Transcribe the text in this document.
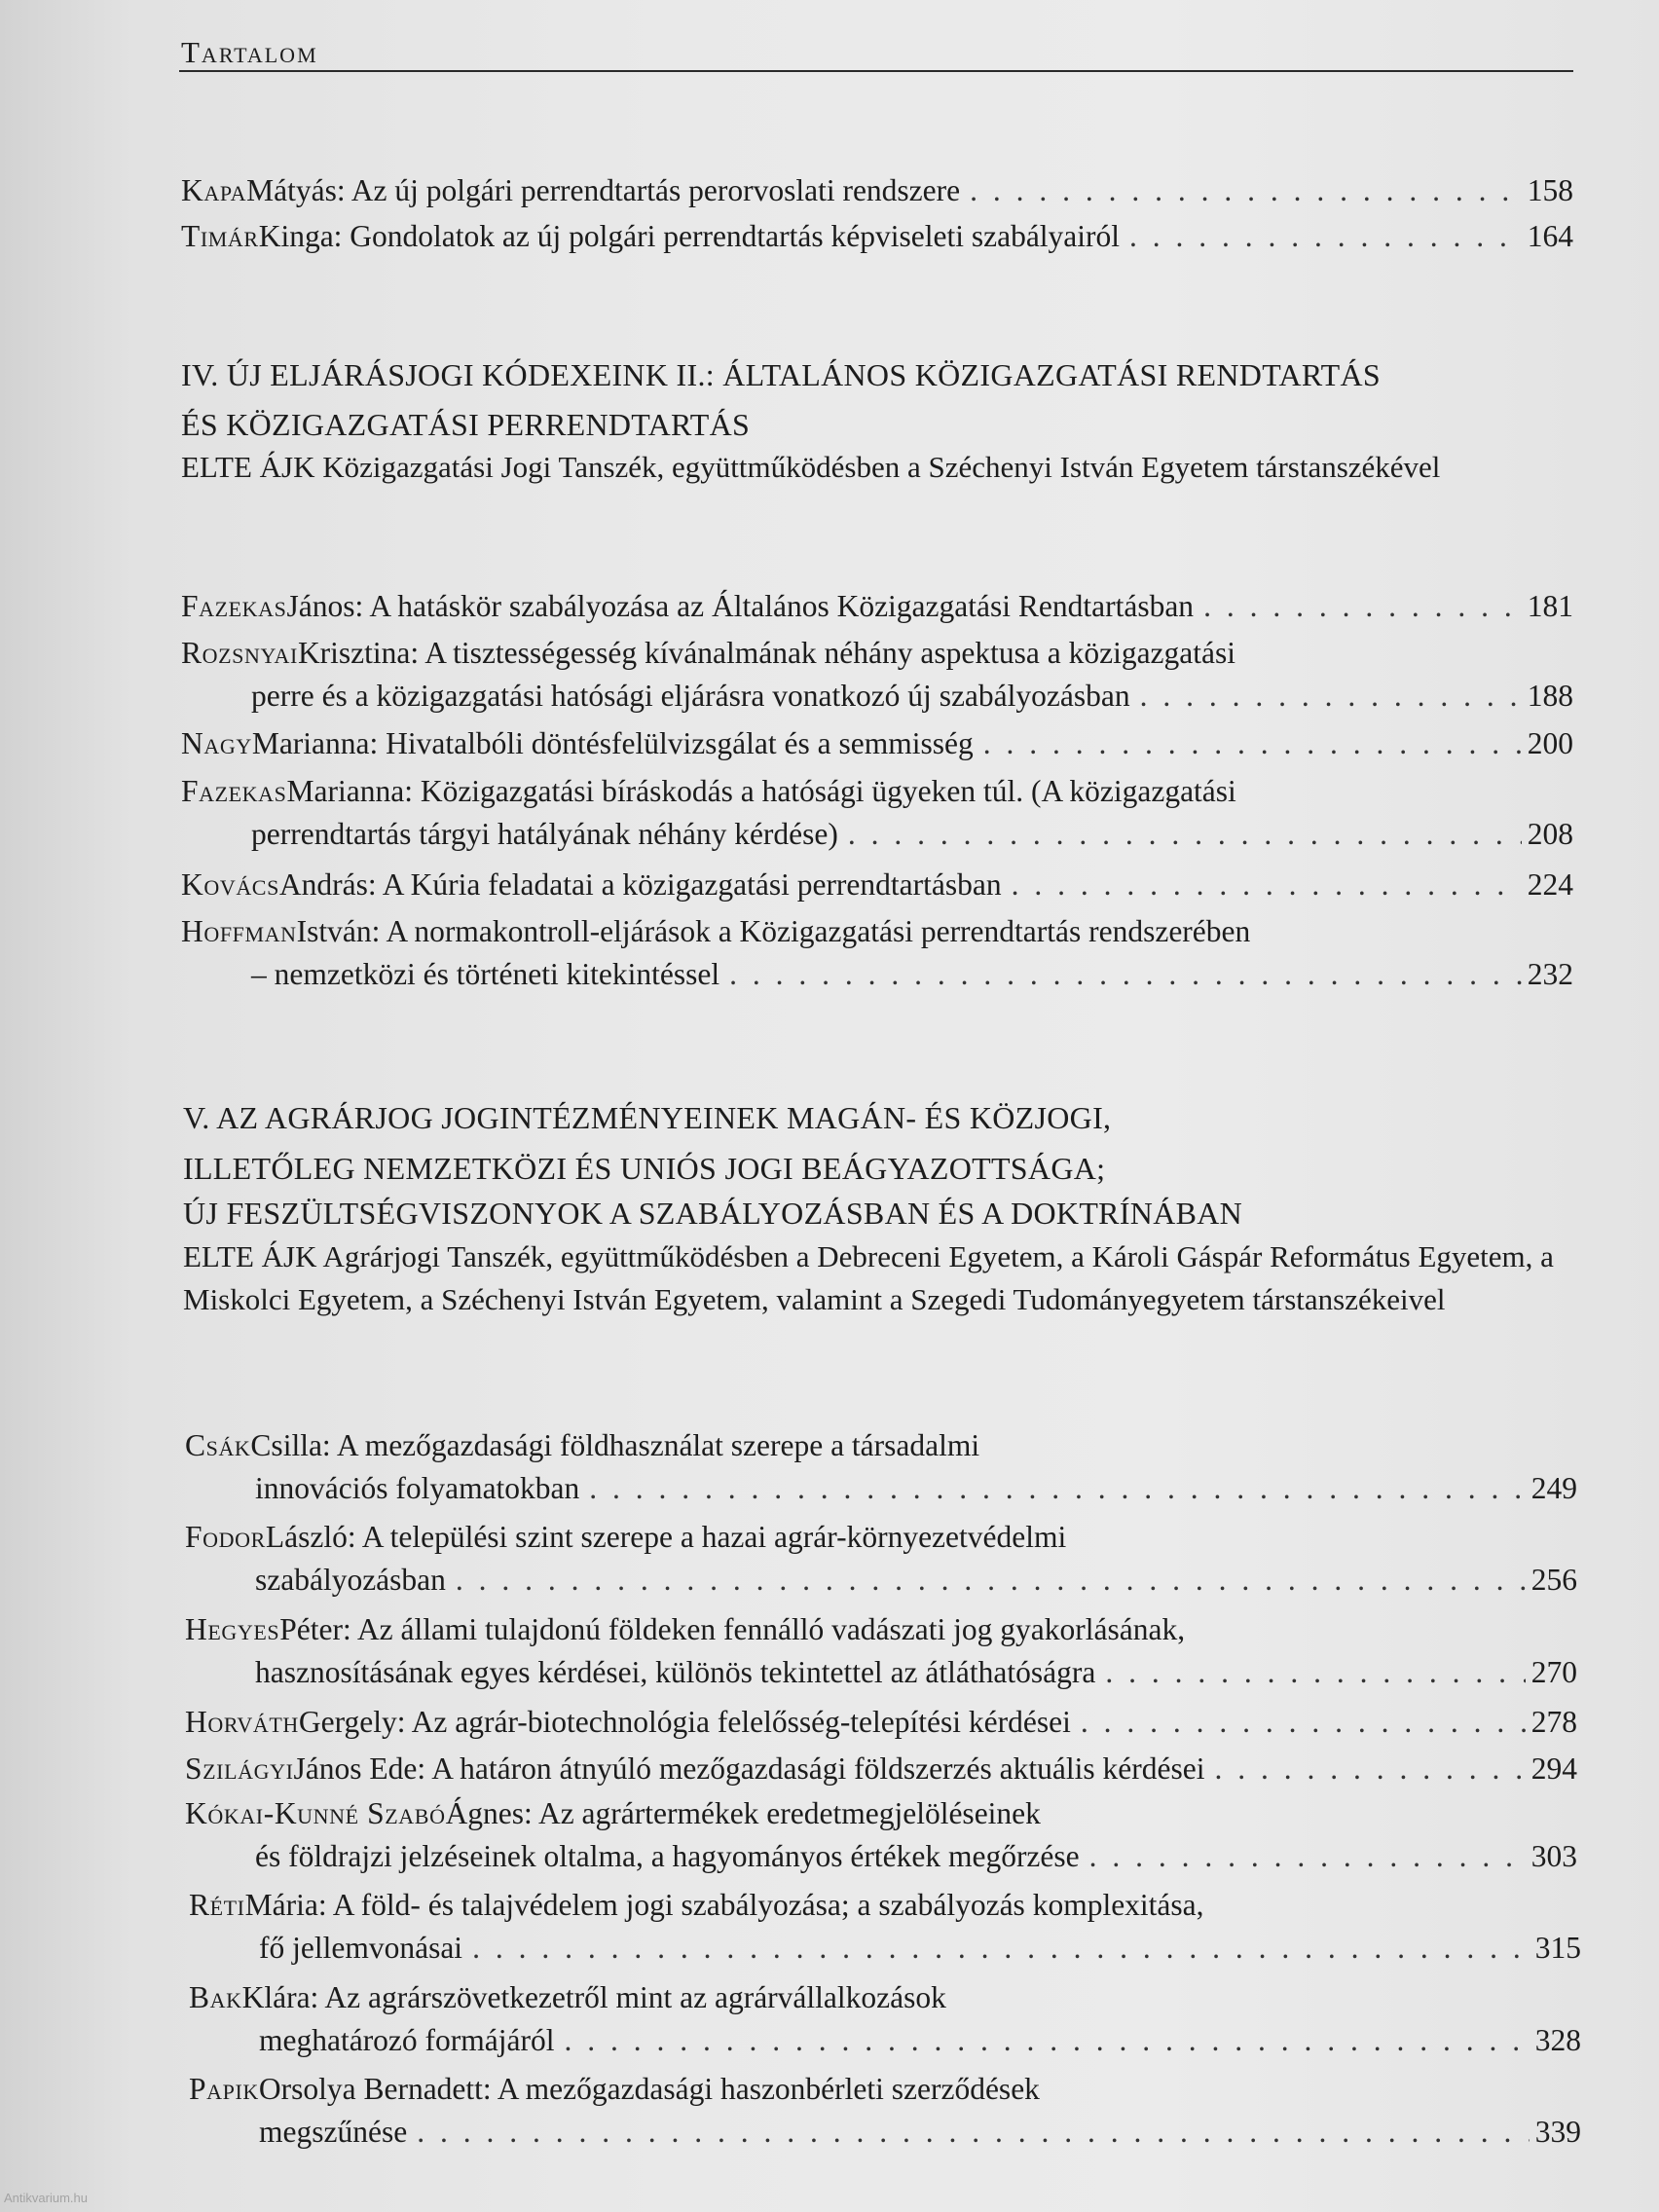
Tartalom
Kapa Mátyás: Az új polgári perrendtartás perorvoslati rendszere . . .	158
Timár Kinga: Gondolatok az új polgári perrendtartás képviseleti szabályairól . . .	164
IV. ÚJ ELJÁRÁSJOGI KÓDEXEINK II.: ÁLTALÁNOS KÖZIGAZGATÁSI RENDTARTÁS
ÉS KÖZIGAZGATÁSI PERRENDTARTÁS
ELTE ÁJK Közigazgatási Jogi Tanszék, együttműködésben a Széchenyi István Egyetem társtanszékével
Fazekas János: A hatáskör szabályozása az Általános Közigazgatási Rendtartásban . . .	181
Rozsnyai Krisztina: A tisztességesség kívánalmának néhány aspektusa a közigazgatási
perre és a közigazgatási hatósági eljárásra vonatkozó új szabályozásban . . .	188
Nagy Marianna: Hivatalbóli döntésfelülvizsgálat és a semmisség . . .	200
Fazekas Marianna: Közigazgatási bíráskodás a hatósági ügyeken túl. (A közigazgatási
perrendtartás tárgyi hatályának néhány kérdése) . . .	208
Kovács András: A Kúria feladatai a közigazgatási perrendtartásban . . .	224
Hoffman István: A normakontroll-eljárások a Közigazgatási perrendtartás rendszerében
– nemzetközi és történeti kitekintéssel . . .	232
V. AZ AGRÁRJOG JOGINTÉZMÉNYEINEK MAGÁN- ÉS KÖZJOGI,
ILLETŐLEG NEMZETKÖZI ÉS UNIÓS JOGI BEÁGYAZOTTSÁGA;
ÚJ FESZÜLTSÉGVISZONYOK A SZABÁLYOZÁSBAN ÉS A DOKTRÍNÁBAN
ELTE ÁJK Agrárjogi Tanszék, együttműködésben a Debreceni Egyetem, a Károli Gáspár Református Egyetem, a Miskolci Egyetem, a Széchenyi István Egyetem, valamint a Szegedi Tudományegyetem társtanszékeivel
Csák Csilla: A mezőgazdasági földhasználat szerepe a társadalmi
innovációs folyamatokban . . .	249
Fodor László: A települési szint szerepe a hazai agrár-környezetvédelmi
szabályozásban . . .	256
Hegyes Péter: Az állami tulajdonú földeken fennálló vadászati jog gyakorlásának,
hasznosításának egyes kérdései, különös tekintettel az átláthatóságra . . .	270
Horváth Gergely: Az agrár-biotechnológia felelősség-telepítési kérdései . . .	278
Szilágyi János Ede: A határon átnyúló mezőgazdasági földszerzés aktuális kérdései . . .	294
Kókai-Kunné Szabó Ágnes: Az agrártermékek eredetmegjelöléseinek
és földrajzi jelzéseinek oltalma, a hagyományos értékek megőrzése . . .	303
Réti Mária: A föld- és talajvédelem jogi szabályozása; a szabályozás komplexitása,
fő jellemvonásai . . .	315
Bak Klára: Az agrárszövetkezetről mint az agrárvállalkozások
meghatározó formájáról . . .	328
Papik Orsolya Bernadett: A mezőgazdasági haszonbérleti szerződések
megszűnése . . .	339
Antikvarium.hu
